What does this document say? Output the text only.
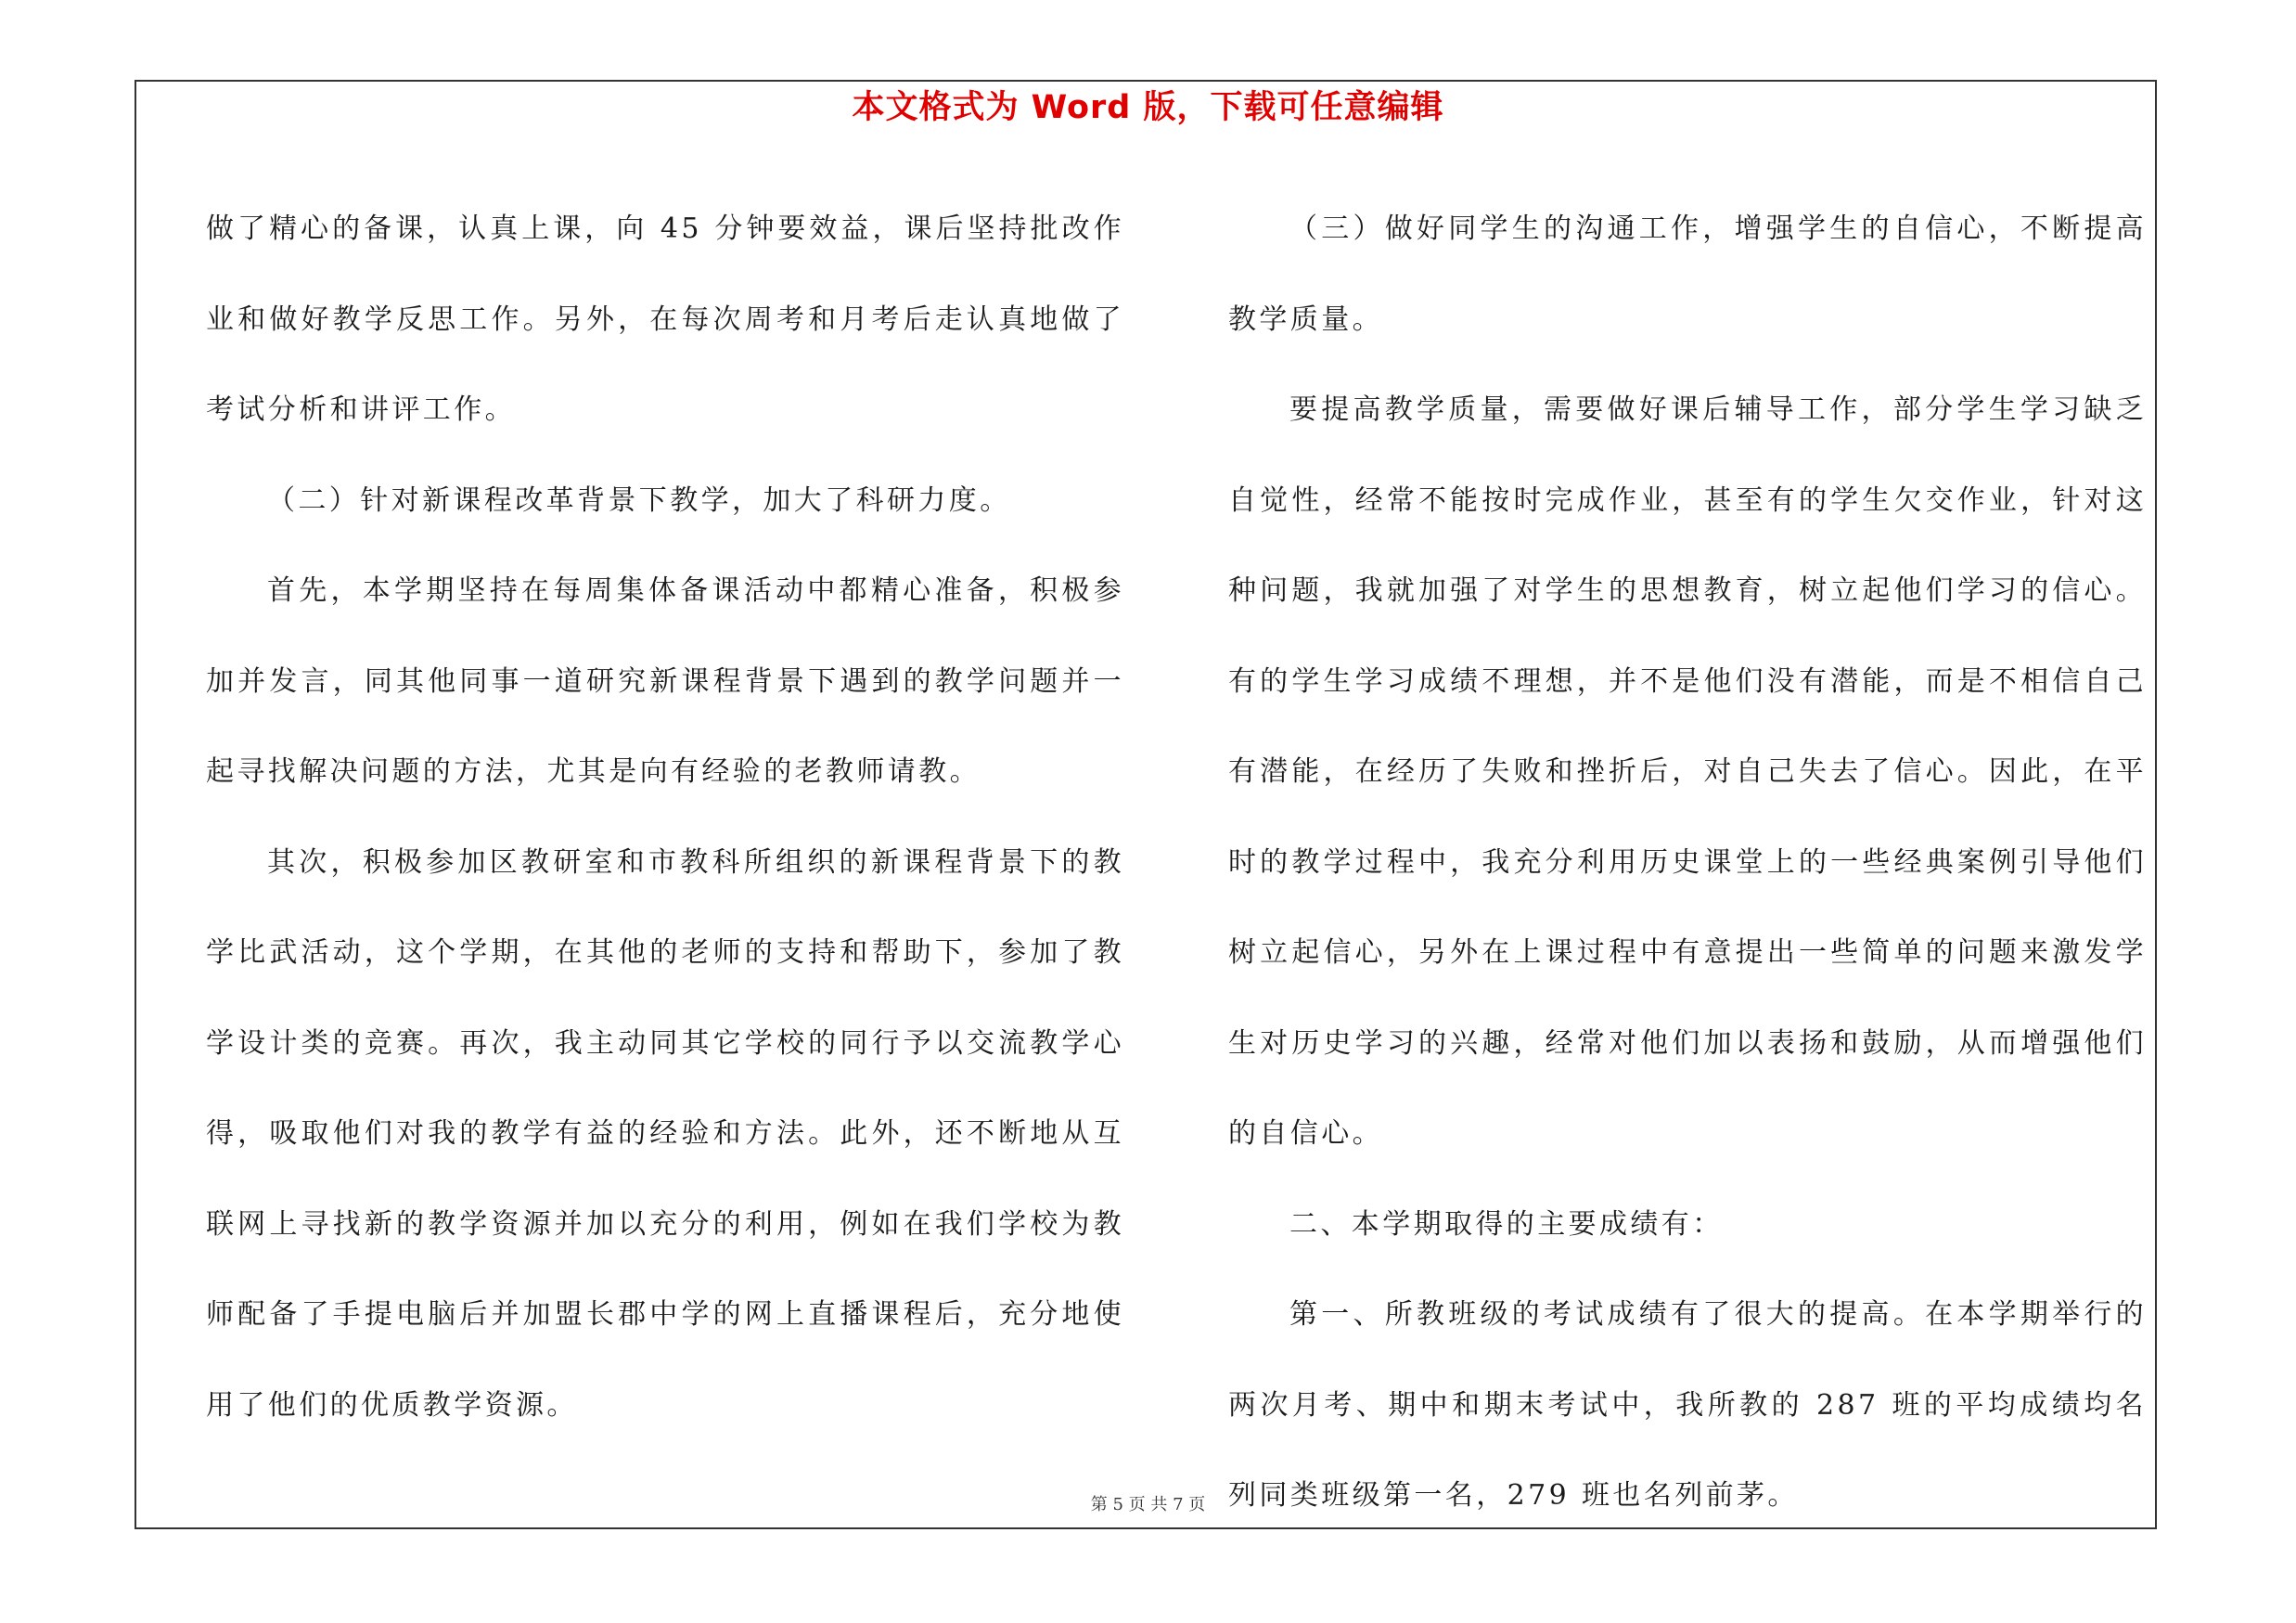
本文格式为 Word 版，下载可任意编辑

做了精心的备课，认真上课，向 45 分钟要效益，课后坚持批改作业和做好教学反思工作。另外，在每次周考和月考后走认真地做了考试分析和讲评工作。

（二）针对新课程改革背景下教学，加大了科研力度。

首先，本学期坚持在每周集体备课活动中都精心准备，积极参加并发言，同其他同事一道研究新课程背景下遇到的教学问题并一起寻找解决问题的方法，尤其是向有经验的老教师请教。

其次，积极参加区教研室和市教科所组织的新课程背景下的教学比武活动，这个学期，在其他的老师的支持和帮助下，参加了教学设计类的竞赛。再次，我主动同其它学校的同行予以交流教学心得，吸取他们对我的教学有益的经验和方法。此外，还不断地从互联网上寻找新的教学资源并加以充分的利用，例如在我们学校为教师配备了手提电脑后并加盟长郡中学的网上直播课程后，充分地使用了他们的优质教学资源。

（三）做好同学生的沟通工作，增强学生的自信心，不断提高教学质量。

要提高教学质量，需要做好课后辅导工作，部分学生学习缺乏自觉性，经常不能按时完成作业，甚至有的学生欠交作业，针对这种问题，我就加强了对学生的思想教育，树立起他们学习的信心。有的学生学习成绩不理想，并不是他们没有潜能，而是不相信自己有潜能，在经历了失败和挫折后，对自己失去了信心。因此，在平时的教学过程中，我充分利用历史课堂上的一些经典案例引导他们树立起信心，另外在上课过程中有意提出一些简单的问题来激发学生对历史学习的兴趣，经常对他们加以表扬和鼓励，从而增强他们的自信心。

二、本学期取得的主要成绩有：

第一、所教班级的考试成绩有了很大的提高。在本学期举行的两次月考、期中和期末考试中，我所教的 287 班的平均成绩均名列同类班级第一名，279 班也名列前茅。

第 5 页 共 7 页
